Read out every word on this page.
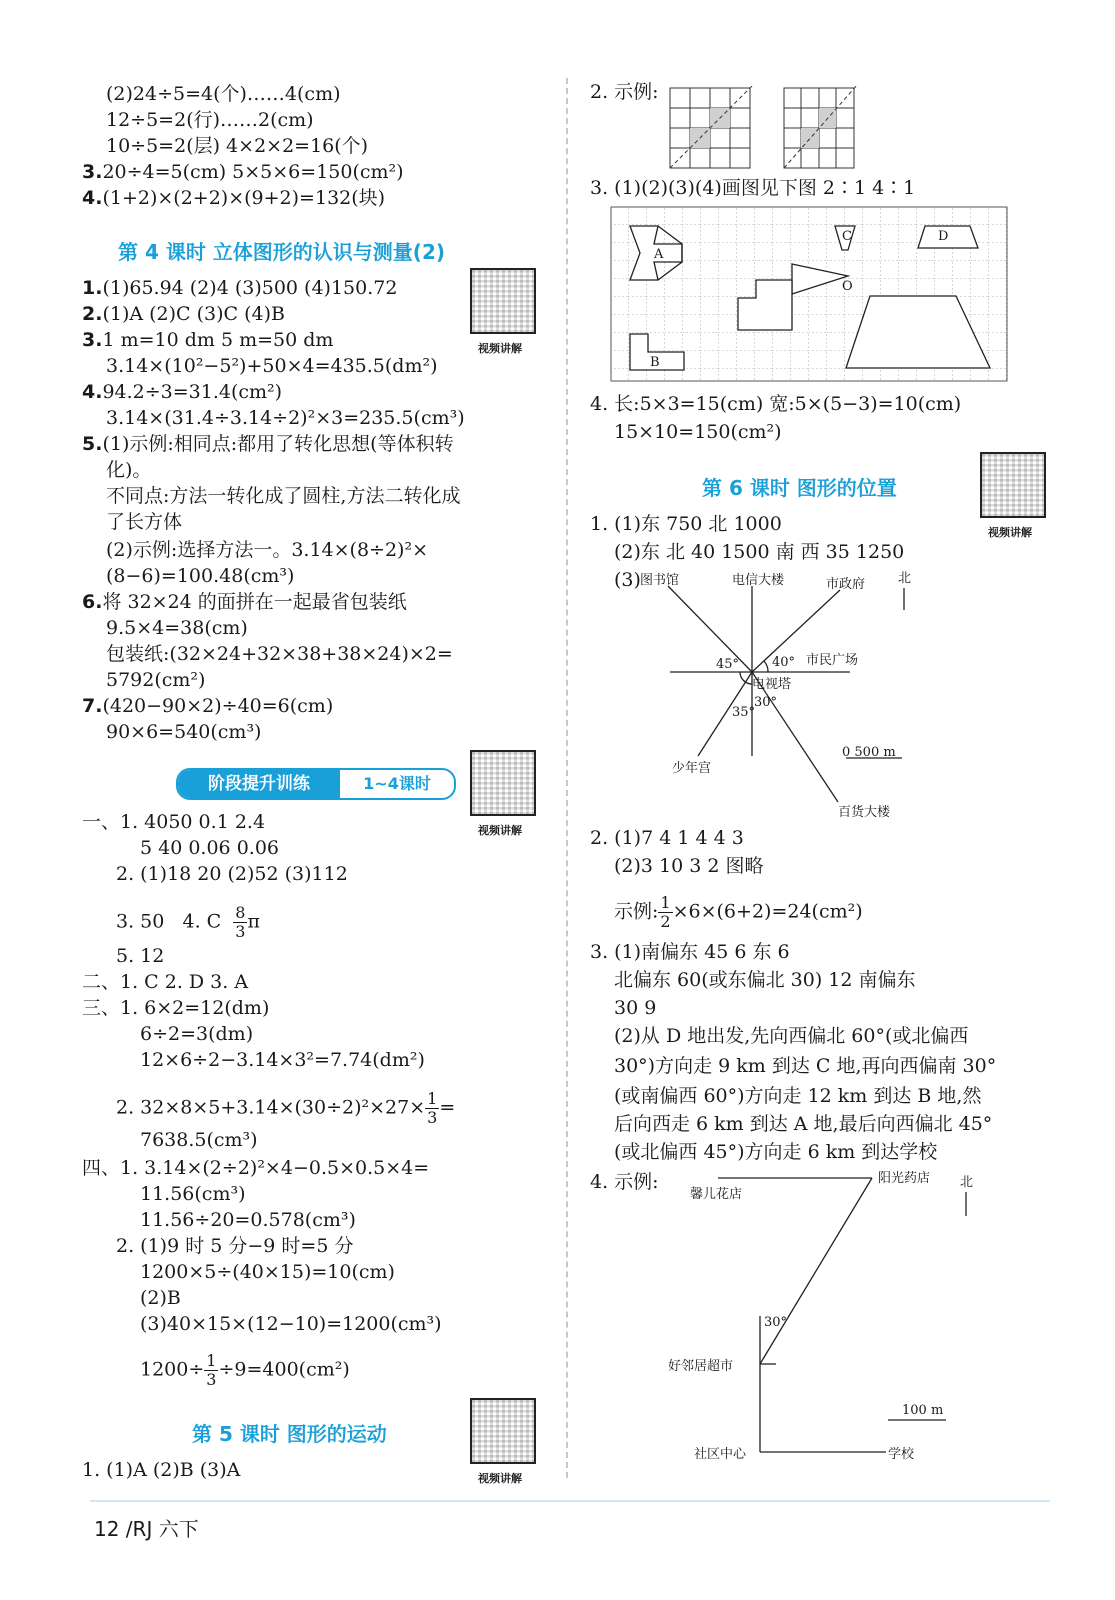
(2)24÷5=4(个)……4(cm)
12÷5=2(行)……2(cm)
10÷5=2(层) 4×2×2=16(个)
3.20÷4=5(cm) 5×5×6=150(cm²)
4.(1+2)×(2+2)×(9+2)=132(块)
第 4 课时 立体图形的认识与测量(2)
1.(1)65.94 (2)4 (3)500 (4)150.72
2.(1)A (2)C (3)C (4)B
3.1 m=10 dm 5 m=50 dm
3.14×(10²−5²)+50×4=435.5(dm²)
4.94.2÷3=31.4(cm²)
3.14×(31.4÷3.14÷2)²×3=235.5(cm³)
5.(1)示例:相同点:都用了转化思想(等体积转
化)。
不同点:方法一转化成了圆柱,方法二转化成
了长方体
(2)示例:选择方法一。3.14×(8÷2)²×
(8−6)=100.48(cm³)
6.将 32×24 的面拼在一起最省包装纸
9.5×4=38(cm)
包装纸:(32×24+32×38+38×24)×2=
5792(cm²)
7.(420−90×2)÷40=6(cm)
90×6=540(cm³)
视频讲解
阶段提升训练	1~4课时
视频讲解
一、1. 4050 0.1 2.4
5 40 0.06 0.06
2. (1)18 20 (2)52 (3)112
3. 50 4. C $\frac{8}{3}$ π
5. 12
二、1. C 2. D 3. A
三、1. 6×2=12(dm)
6÷2=3(dm)
12×6÷2−3.14×3²=7.74(dm²)
2. $32\times 8\times 5+3.14\times(30\div 2)^2\times 27\times \frac{1}{3}$ =
7638.5(cm³)
四、1. 3.14×(2÷2)²×4−0.5×0.5×4=
11.56(cm³)
11.56÷20=0.578(cm³)
2. (1)9 时 5 分−9 时=5 分
1200×5÷(40×15)=10(cm)
(2)B
(3)40×15×(12−10)=1200(cm³)
$1200\div \frac{1}{3} \div 9=400(cm^2)$
第 5 课时 图形的运动
视频讲解
1. (1)A (2)B (3)A
2. 示例:
3. (1)(2)(3)(4)画图见下图 2∶1 4∶1
A
C
O
D
B
4. 长:5×3=15(cm) 宽:5×(5−3)=10(cm)
15×10=150(cm²)
第 6 课时 图形的位置
视频讲解
1. (1)东 750 北 1000
(2)东 北 40 1500 南 西 35 1250
(3) 图书馆	电信大楼	市政府	北
市民广场
电视塔
少年宫
百货大楼
0 500 m
45°	40°
35°
30°
2. (1)7 4 1 4 4 3
(2)3 10 3 2 图略
示例: $\frac{1}{2} \times 6\times(6+2)=24(cm^2)$
3. (1)南偏东 45 6 东 6
北偏东 60(或东偏北 30) 12 南偏东
30 9
(2)从 D 地出发,先向西偏北 60°(或北偏西
30°)方向走 9 km 到达 C 地,再向西偏南 30°
(或南偏西 60°)方向走 12 km 到达 B 地,然
后向西走 6 km 到达 A 地,最后向西偏北 45°
(或北偏西 45°)方向走 6 km 到达学校
4. 示例:
馨儿花店
阳光药店 北
30°
好邻居超市
100 m
社区中心	学校
12 /RJ 六下
